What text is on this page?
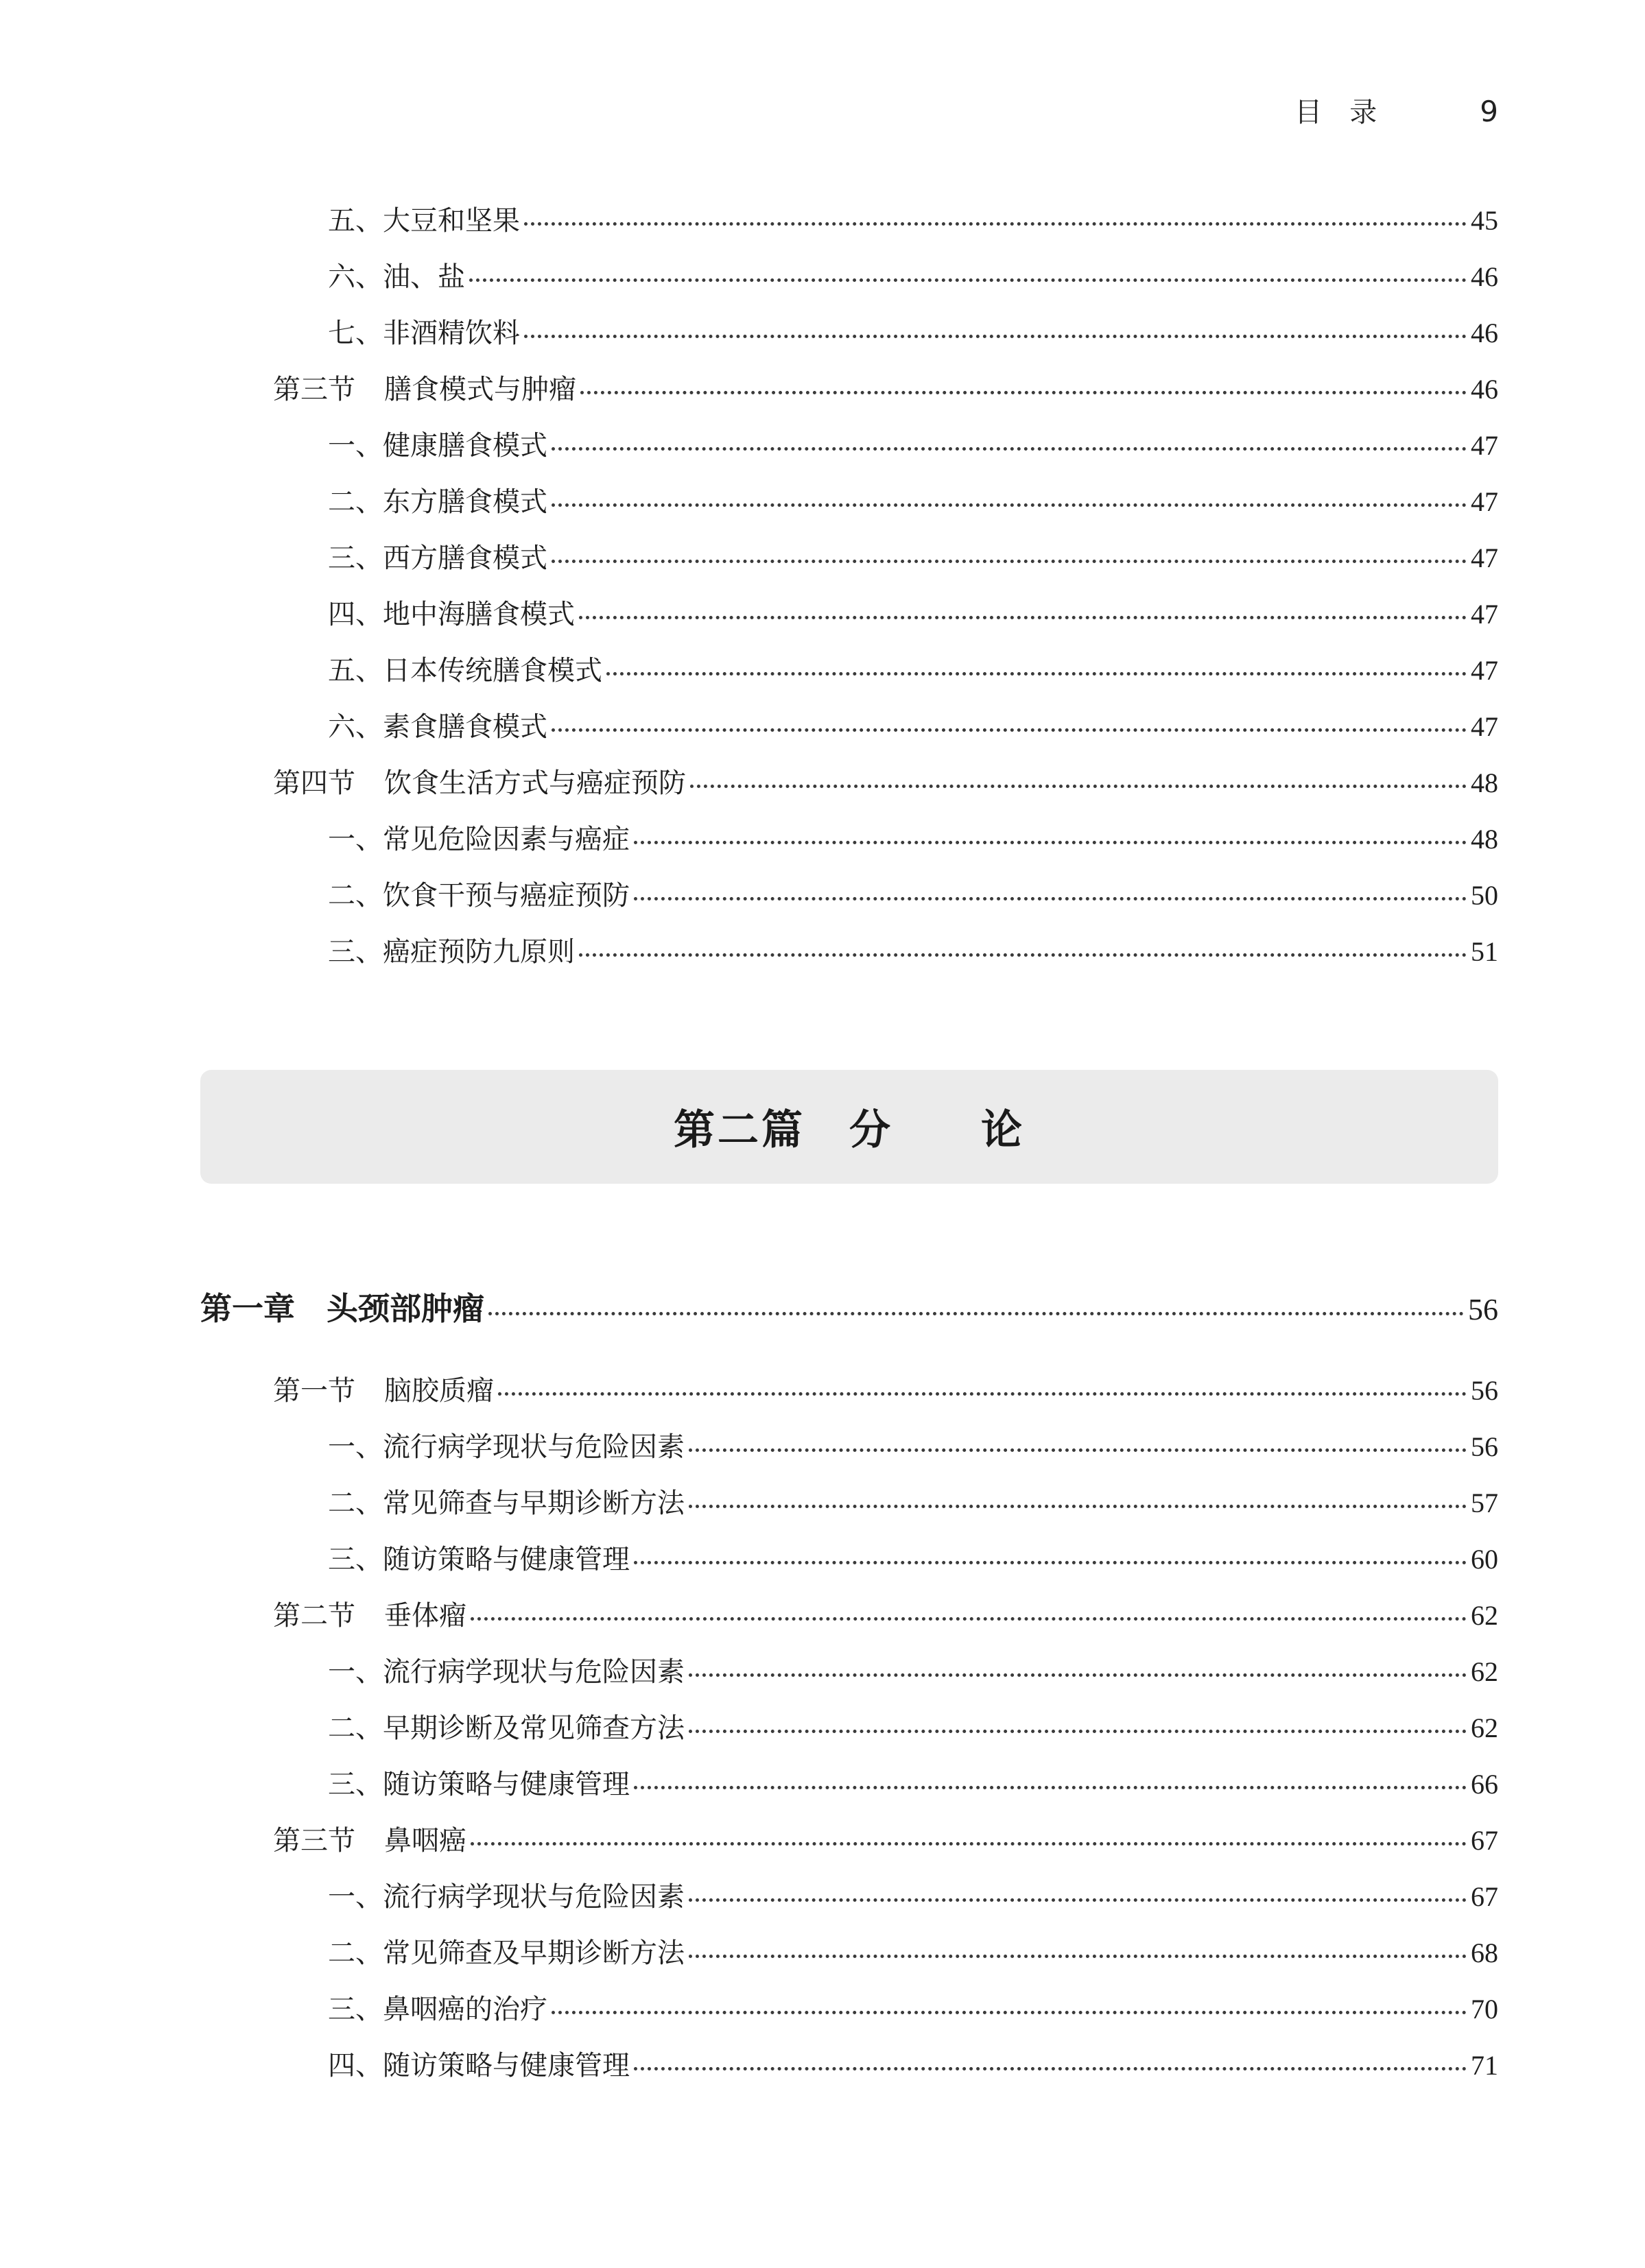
目录	9
五、大豆和坚果	45
六、油、盐	46
七、非酒精饮料	46
第三节 膳食模式与肿瘤	46
一、健康膳食模式	47
二、东方膳食模式	47
三、西方膳食模式	47
四、地中海膳食模式	47
五、日本传统膳食模式	47
六、素食膳食模式	47
第四节 饮食生活方式与癌症预防	48
一、常见危险因素与癌症	48
二、饮食干预与癌症预防	50
三、癌症预防九原则	51
第一章 头颈部肿瘤	56
第一节 脑胶质瘤	56
一、流行病学现状与危险因素	56
二、常见筛查与早期诊断方法	57
三、随访策略与健康管理	60
第二节 垂体瘤	62
一、流行病学现状与危险因素	62
二、早期诊断及常见筛查方法	62
三、随访策略与健康管理	66
第三节 鼻咽癌	67
一、流行病学现状与危险因素	67
二、常见筛查及早期诊断方法	68
三、鼻咽癌的治疗	70
四、随访策略与健康管理	71
第二篇　分　　论
